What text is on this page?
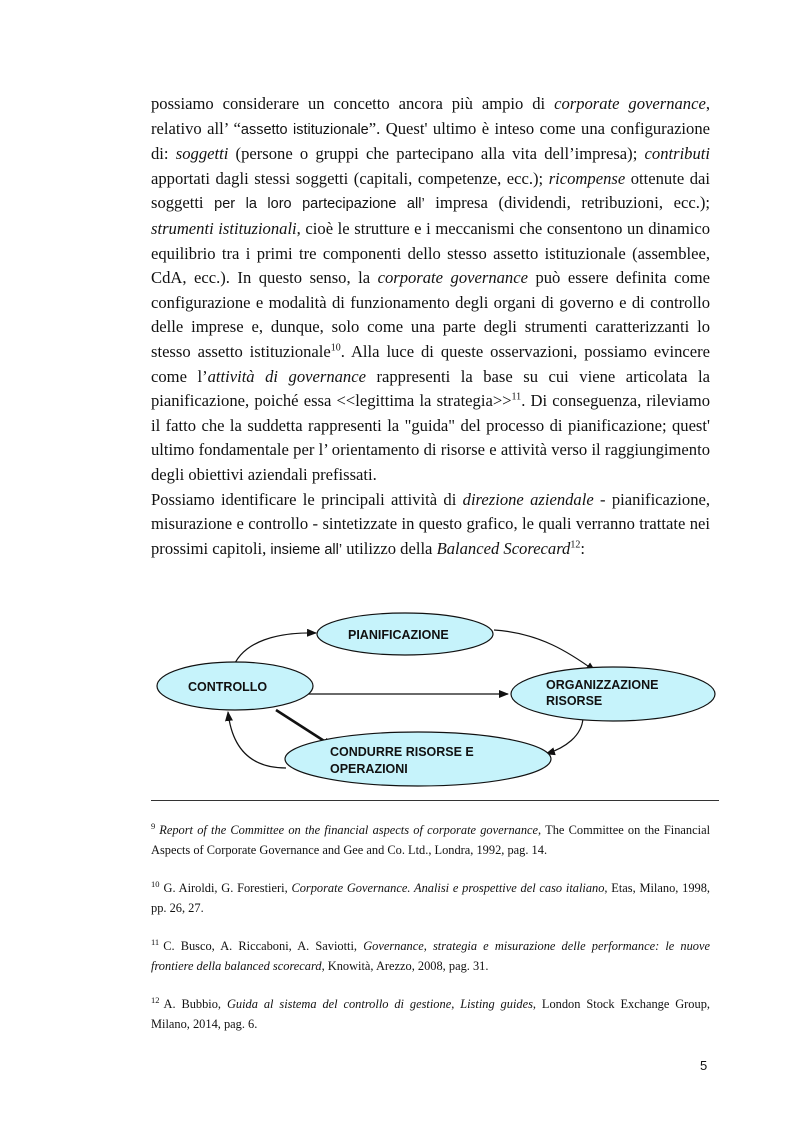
possiamo considerare un concetto ancora più ampio di corporate governance, relativo all’ “assetto istituzionale”. Quest' ultimo è inteso come una configurazione di: soggetti (persone o gruppi che partecipano alla vita dell’impresa); contributi apportati dagli stessi soggetti (capitali, competenze, ecc.); ricompense ottenute dai soggetti per la loro partecipazione all’ impresa (dividendi, retribuzioni, ecc.); strumenti istituzionali, cioè le strutture e i meccanismi che consentono un dinamico equilibrio tra i primi tre componenti dello stesso assetto istituzionale (assemblee, CdA, ecc.). In questo senso, la corporate governance può essere definita come configurazione e modalità di funzionamento degli organi di governo e di controllo delle imprese e, dunque, solo come una parte degli strumenti caratterizzanti lo stesso assetto istituzionale$^{10}$. Alla luce di queste osservazioni, possiamo evincere come l’attività di governance rappresenti la base su cui viene articolata la pianificazione, poiché essa <<legittima la strategia>>$^{11}$. Di conseguenza, rileviamo il fatto che la suddetta rappresenti la "guida" del processo di pianificazione; quest' ultimo fondamentale per l’ orientamento di risorse e attività verso il raggiungimento degli obiettivi aziendali prefissati.

Possiamo identificare le principali attività di direzione aziendale - pianificazione, misurazione e controllo - sintetizzate in questo grafico, le quali verranno trattate nei prossimi capitoli, insieme all’ utilizzo della Balanced Scorecard$^{12}$:

PIANIFICAZIONE
CONTROLLO	ORGANIZZAZIONE
RISORSE
CONDURRE RISORSE E
OPERAZIONI

$^9$ Report of the Committee on the financial aspects of corporate governance, The Committee on the Financial Aspects of Corporate Governance and Gee and Co. Ltd., Londra, 1992, pag. 14.

$^{10}$ G. Airoldi, G. Forestieri, Corporate Governance. Analisi e prospettive del caso italiano, Etas, Milano, 1998, pp. 26, 27.

$^{11}$ C. Busco, A. Riccaboni, A. Saviotti, Governance, strategia e misurazione delle performance: le nuove frontiere della balanced scorecard, Knowità, Arezzo, 2008, pag. 31.

$^{12}$ A. Bubbio, Guida al sistema del controllo di gestione, Listing guides, London Stock Exchange Group, Milano, 2014, pag. 6.

5
